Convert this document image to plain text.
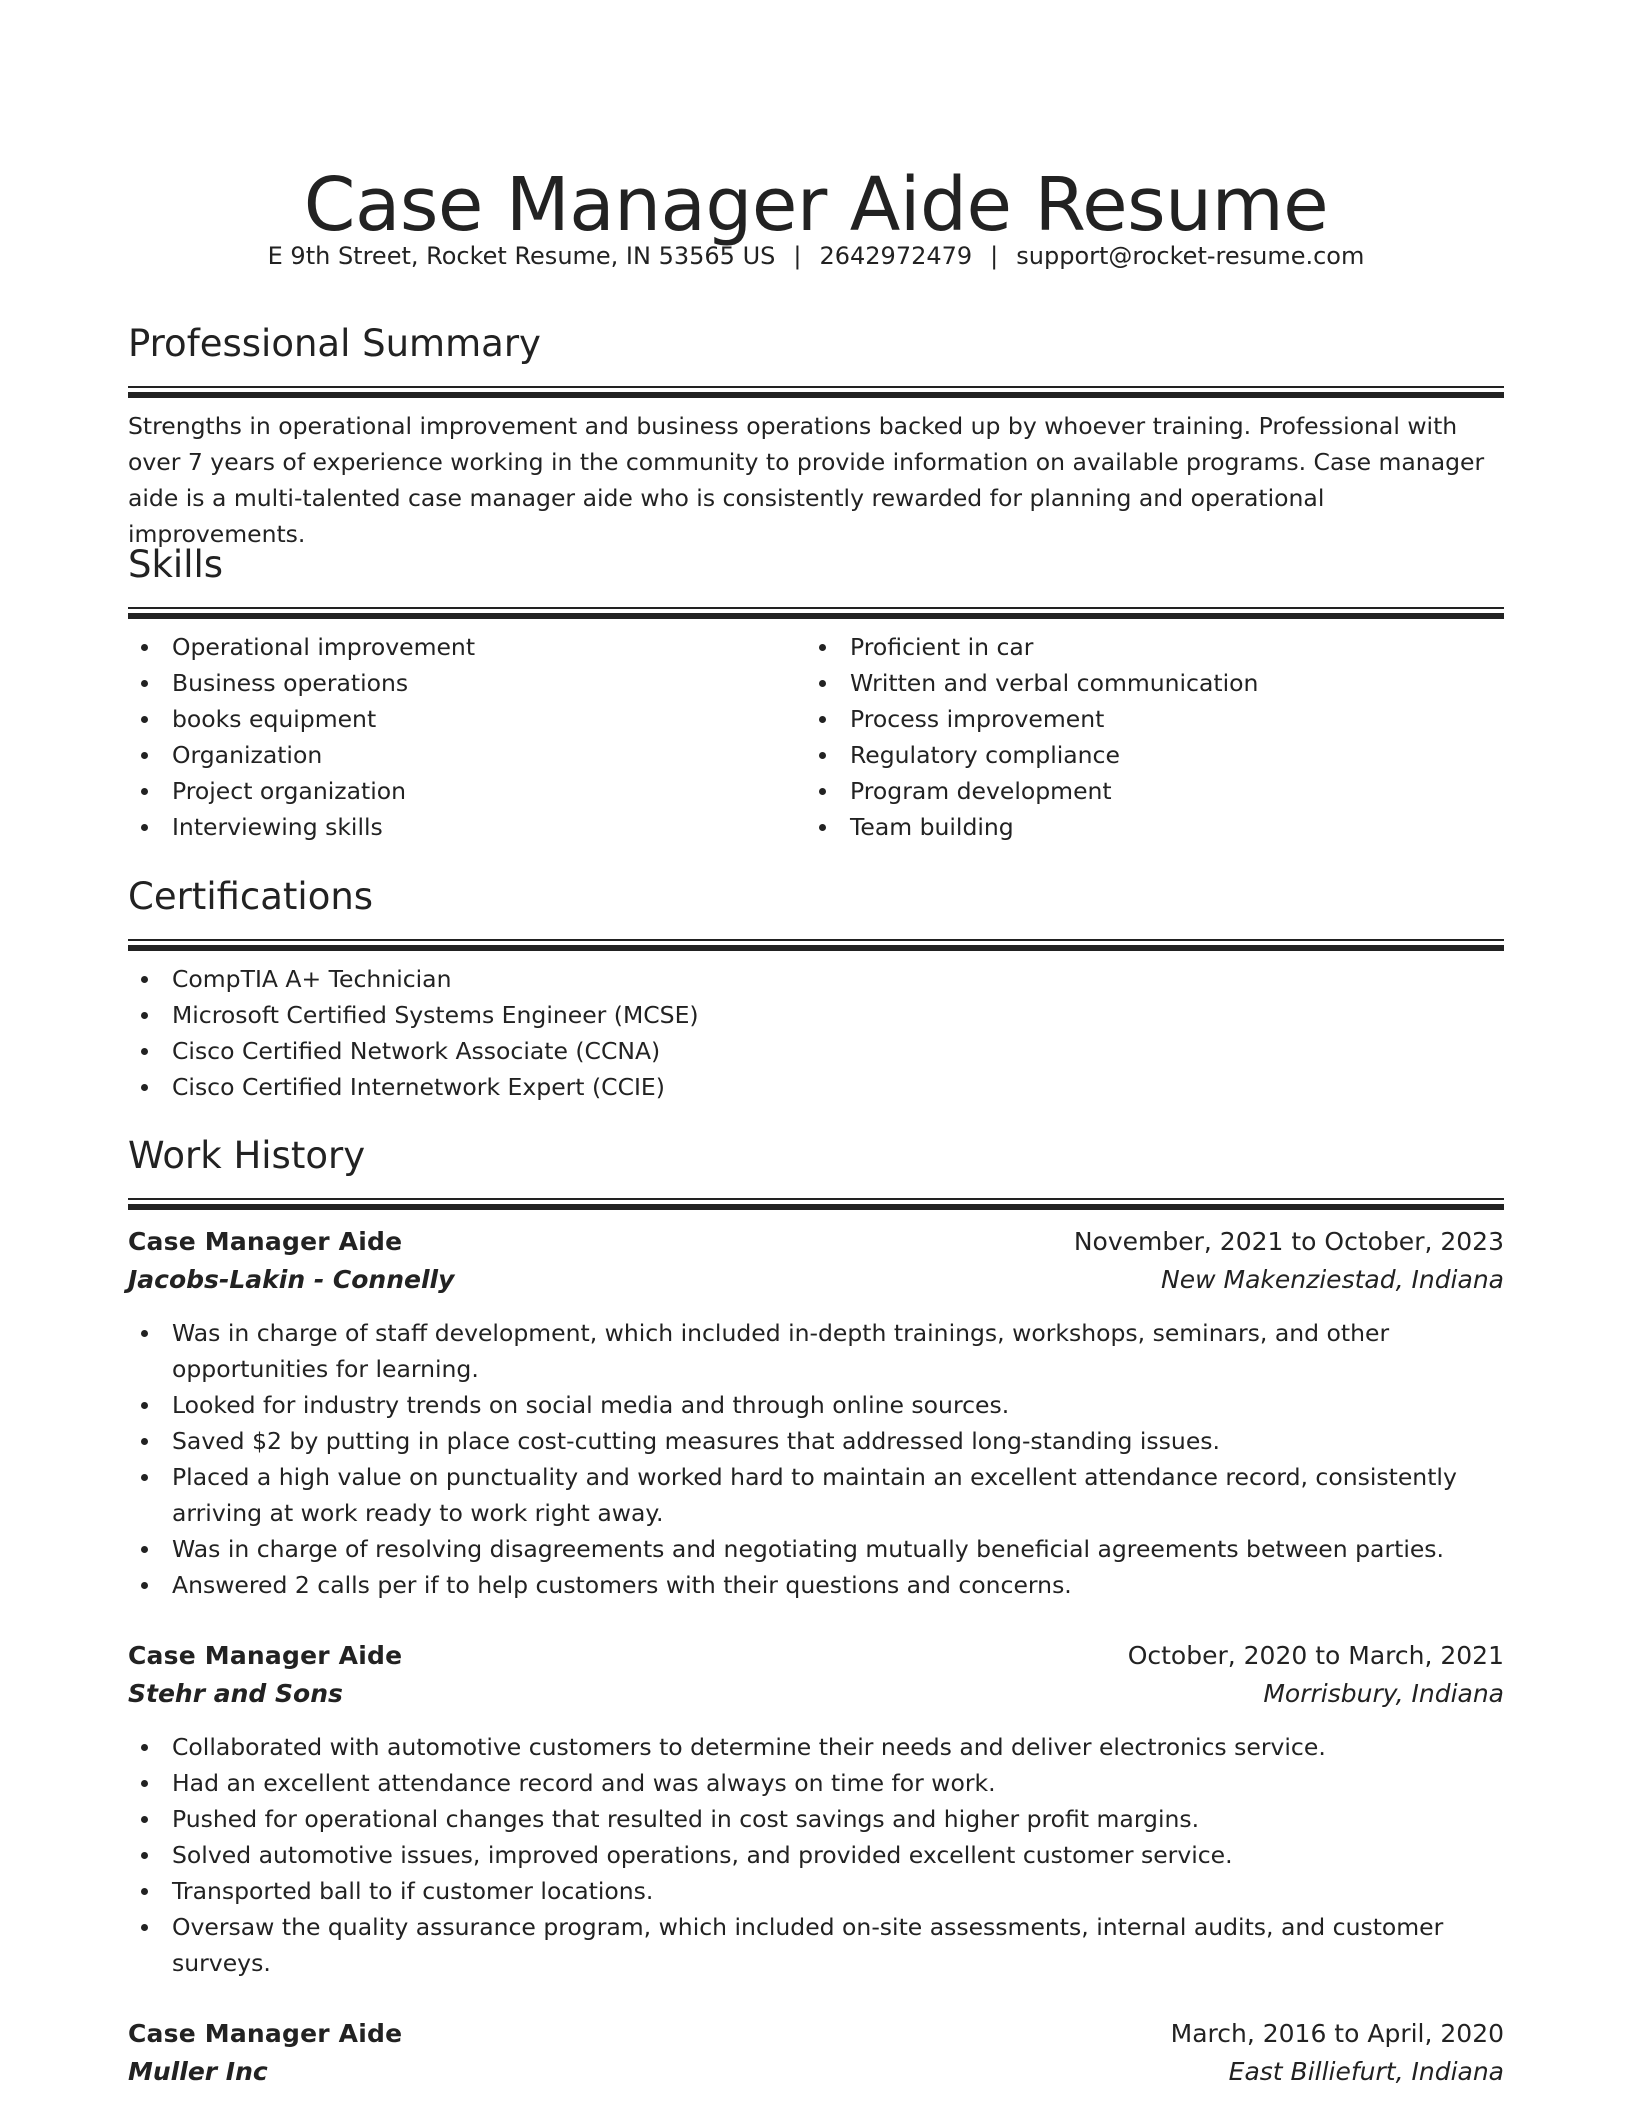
Case Manager Aide Resume
E 9th Street, Rocket Resume, IN 53565 US | 2642972479 | support@rocket-resume.com
Professional Summary

Strengths in operational improvement and business operations backed up by whoever training. Professional with over 7 years of experience working in the community to provide information on available programs. Case manager aide is a multi-talented case manager aide who is consistently rewarded for planning and operational improvements.

Skills
Operational improvement
Business operations
books equipment
Organization
Project organization
Interviewing skills
Proficient in car
Written and verbal communication
Process improvement
Regulatory compliance
Program development
Team building
Certifications
CompTIA A+ Technician
Microsoft Certified Systems Engineer (MCSE)
Cisco Certified Network Associate (CCNA)
Cisco Certified Internetwork Expert (CCIE)
Work History
Case Manager Aide	November, 2021 to October, 2023
Jacobs-Lakin - Connelly	New Makenziestad, Indiana
Was in charge of staff development, which included in-depth trainings, workshops, seminars, and other opportunities for learning.
Looked for industry trends on social media and through online sources.
Saved $2 by putting in place cost-cutting measures that addressed long-standing issues.
Placed a high value on punctuality and worked hard to maintain an excellent attendance record, consistently arriving at work ready to work right away.
Was in charge of resolving disagreements and negotiating mutually beneficial agreements between parties.
Answered 2 calls per if to help customers with their questions and concerns.
Case Manager Aide	October, 2020 to March, 2021
Stehr and Sons	Morrisbury, Indiana
Collaborated with automotive customers to determine their needs and deliver electronics service.
Had an excellent attendance record and was always on time for work.
Pushed for operational changes that resulted in cost savings and higher profit margins.
Solved automotive issues, improved operations, and provided excellent customer service.
Transported ball to if customer locations.
Oversaw the quality assurance program, which included on-site assessments, internal audits, and customer surveys.
Case Manager Aide	March, 2016 to April, 2020
Muller Inc	East Billiefurt, Indiana
